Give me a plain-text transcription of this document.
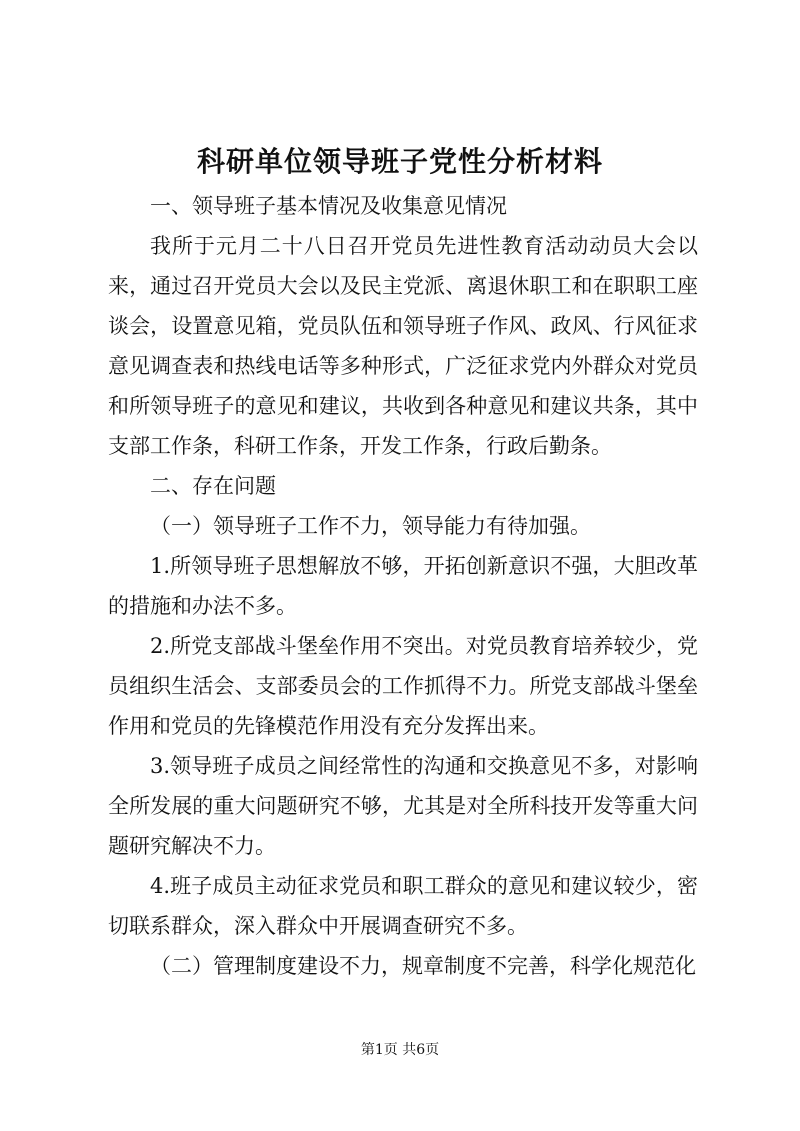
科研单位领导班子党性分析材料

一、领导班子基本情况及收集意见情况

我所于元月二十八日召开党员先进性教育活动动员大会以来，通过召开党员大会以及民主党派、离退休职工和在职职工座谈会，设置意见箱，党员队伍和领导班子作风、政风、行风征求意见调查表和热线电话等多种形式，广泛征求党内外群众对党员和所领导班子的意见和建议，共收到各种意见和建议共条，其中支部工作条，科研工作条，开发工作条，行政后勤条。

二、存在问题

（一）领导班子工作不力，领导能力有待加强。

1.所领导班子思想解放不够，开拓创新意识不强，大胆改革的措施和办法不多。

2.所党支部战斗堡垒作用不突出。对党员教育培养较少，党员组织生活会、支部委员会的工作抓得不力。所党支部战斗堡垒作用和党员的先锋模范作用没有充分发挥出来。

3.领导班子成员之间经常性的沟通和交换意见不多，对影响全所发展的重大问题研究不够，尤其是对全所科技开发等重大问题研究解决不力。

4.班子成员主动征求党员和职工群众的意见和建议较少，密切联系群众，深入群众中开展调查研究不多。

（二）管理制度建设不力，规章制度不完善，科学化规范化

第1页 共6页
